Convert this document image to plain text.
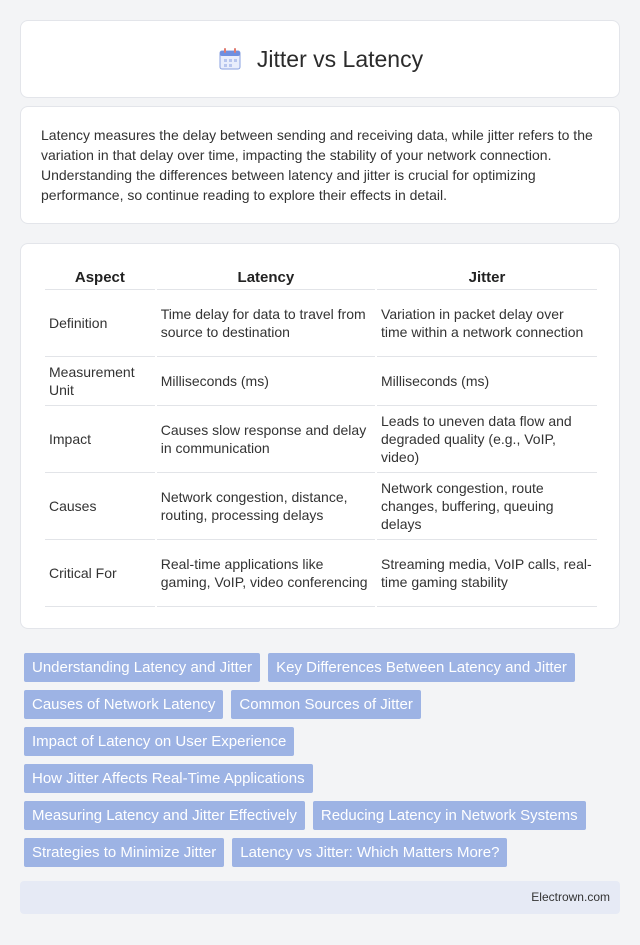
Jitter vs Latency

Latency measures the delay between sending and receiving data, while jitter refers to the variation in that delay over time, impacting the stability of your network connection. Understanding the differences between latency and jitter is crucial for optimizing performance, so continue reading to explore their effects in detail.

Aspect	Latency	Jitter
Definition	Time delay for data to travel from source to destination	Variation in packet delay over time within a network connection
Measurement Unit	Milliseconds (ms)	Milliseconds (ms)
Impact	Causes slow response and delay in communication	Leads to uneven data flow and degraded quality (e.g., VoIP, video)
Causes	Network congestion, distance, routing, processing delays	Network congestion, route changes, buffering, queuing delays
Critical For	Real-time applications like gaming, VoIP, video conferencing	Streaming media, VoIP calls, real-time gaming stability
Understanding Latency and Jitter	Key Differences Between Latency and Jitter
Causes of Network Latency	Common Sources of Jitter
Impact of Latency on User Experience
How Jitter Affects Real-Time Applications
Measuring Latency and Jitter Effectively	Reducing Latency in Network Systems
Strategies to Minimize Jitter	Latency vs Jitter: Which Matters More?
Electrown.com
